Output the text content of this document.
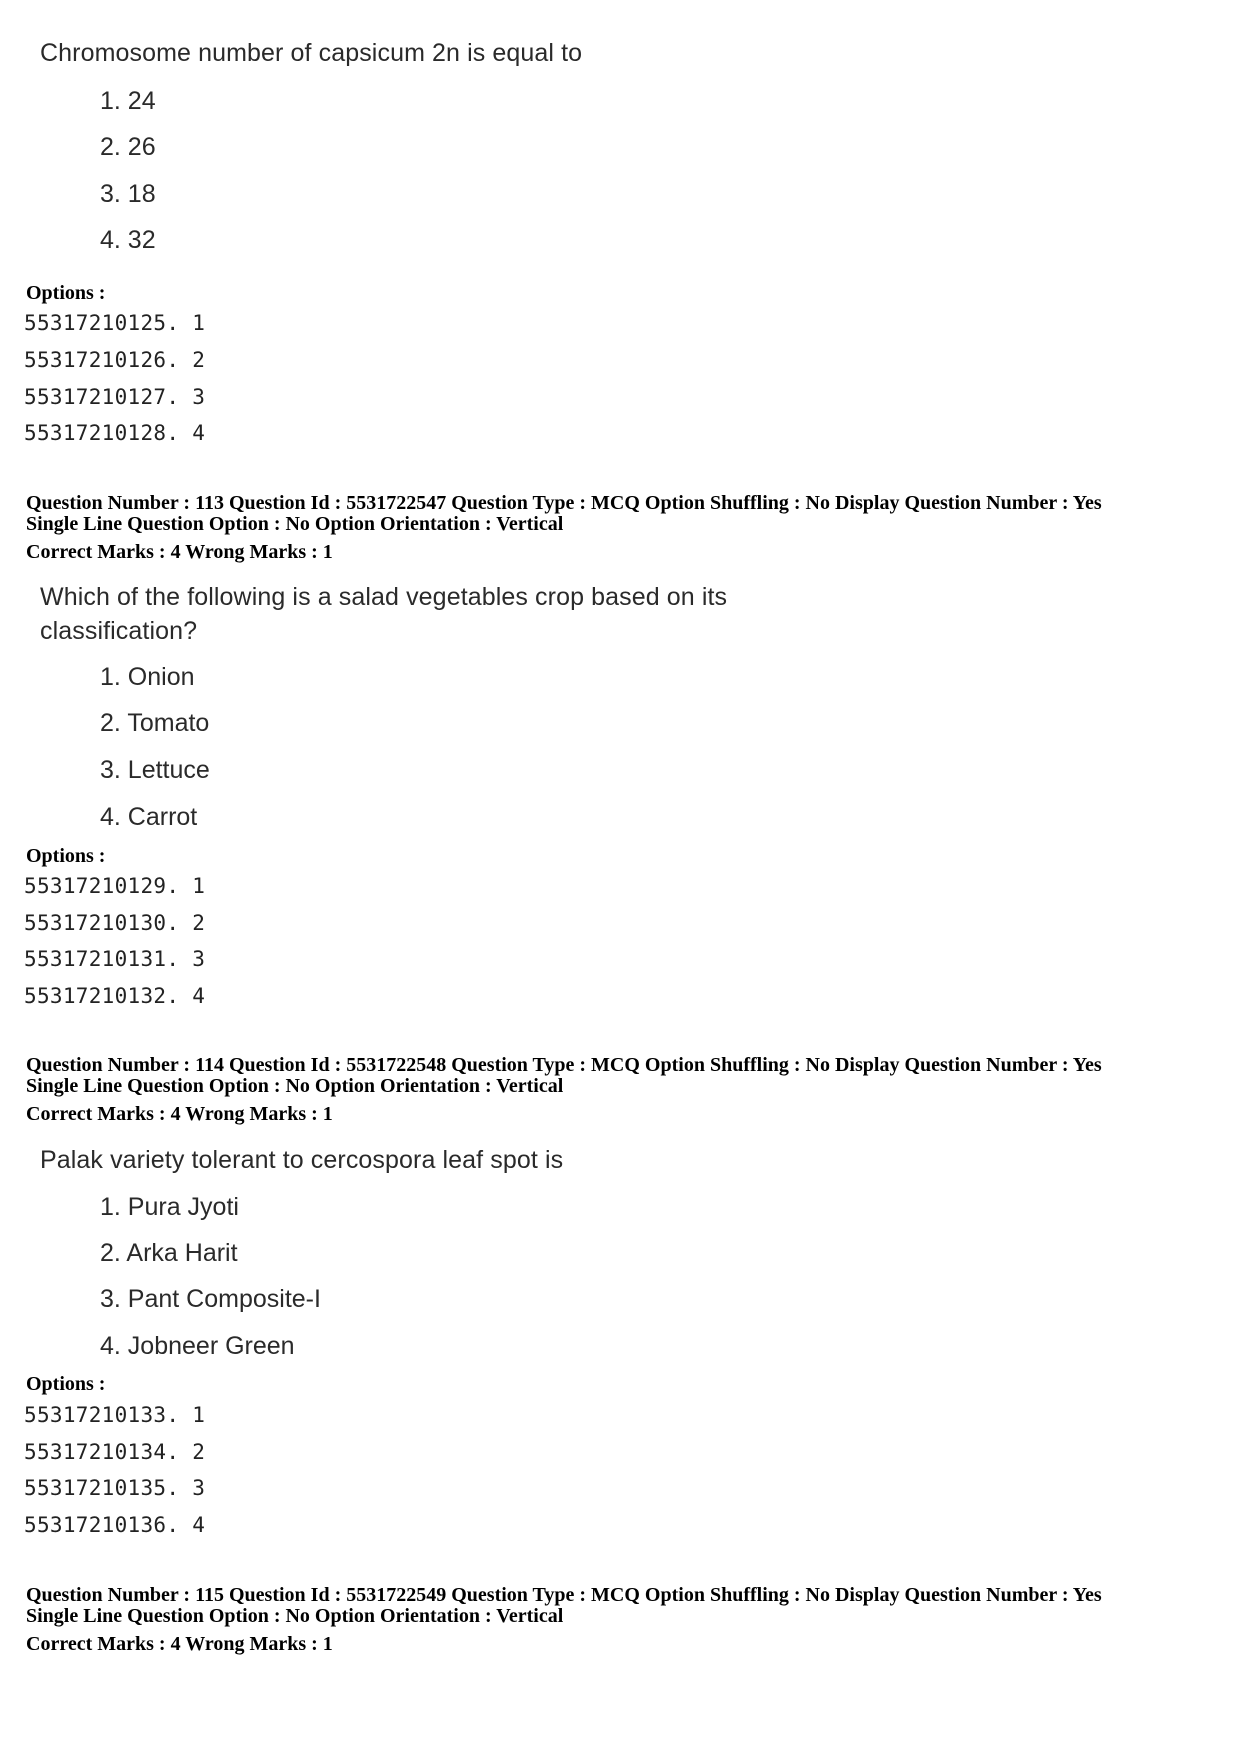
Chromosome number of capsicum 2n is equal to
1. 24
2. 26
3. 18
4. 32
Options :
55317210125. 1
55317210126. 2
55317210127. 3
55317210128. 4
Question Number : 113 Question Id : 5531722547 Question Type : MCQ Option Shuffling : No Display Question Number : Yes
Single Line Question Option : No Option Orientation : Vertical
Correct Marks : 4 Wrong Marks : 1
Which of the following is a salad vegetables crop based on its
classification?
1. Onion
2. Tomato
3. Lettuce
4. Carrot
Options :
55317210129. 1
55317210130. 2
55317210131. 3
55317210132. 4
Question Number : 114 Question Id : 5531722548 Question Type : MCQ Option Shuffling : No Display Question Number : Yes
Single Line Question Option : No Option Orientation : Vertical
Correct Marks : 4 Wrong Marks : 1
Palak variety tolerant to cercospora leaf spot is
1. Pura Jyoti
2. Arka Harit
3. Pant Composite-I
4. Jobneer Green
Options :
55317210133. 1
55317210134. 2
55317210135. 3
55317210136. 4
Question Number : 115 Question Id : 5531722549 Question Type : MCQ Option Shuffling : No Display Question Number : Yes
Single Line Question Option : No Option Orientation : Vertical
Correct Marks : 4 Wrong Marks : 1
